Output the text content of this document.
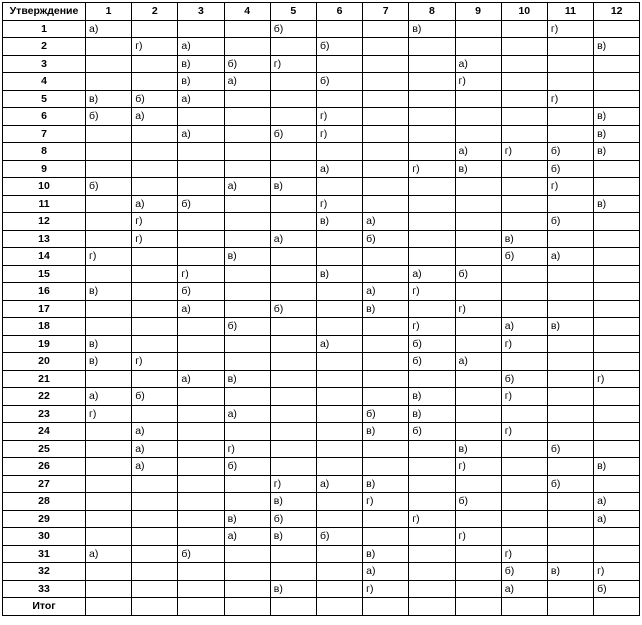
Утверждение	1	2	3	4	5	6	7	8	9	10	11	12
1	а)				б)			в)			г)	
2		г)	а)			б)						в)
3			в)	б)	г)				а)			
4			в)	а)		б)			г)			
5	в)	б)	а)								г)	
6	б)	а)				г)						в)
7			а)		б)	г)						в)
8									а)	г)	б)	в)
9						а)		г)	в)		б)	
10	б)			а)	в)						г)	
11		а)	б)			г)						в)
12		г)				в)	а)				б)	
13		г)			а)		б)			в)		
14	г)			в)						б)	а)	
15			г)			в)		а)	б)			
16	в)		б)				а)	г)				
17			а)		б)		в)		г)			
18				б)				г)		а)	в)	
19	в)					а)		б)		г)		
20	в)	г)						б)	а)			
21			а)	в)						б)		г)
22	а)	б)						в)		г)		
23	г)			а)			б)	в)				
24		а)					в)	б)		г)		
25		а)		г)					в)		б)	
26		а)		б)					г)			в)
27					г)	а)	в)				б)	
28					в)		г)		б)			а)
29				в)	б)			г)				а)
30				а)	в)	б)			г)			
31	а)		б)				в)			г)		
32							а)			б)	в)	г)
33					в)		г)			а)		б)
Итог												
